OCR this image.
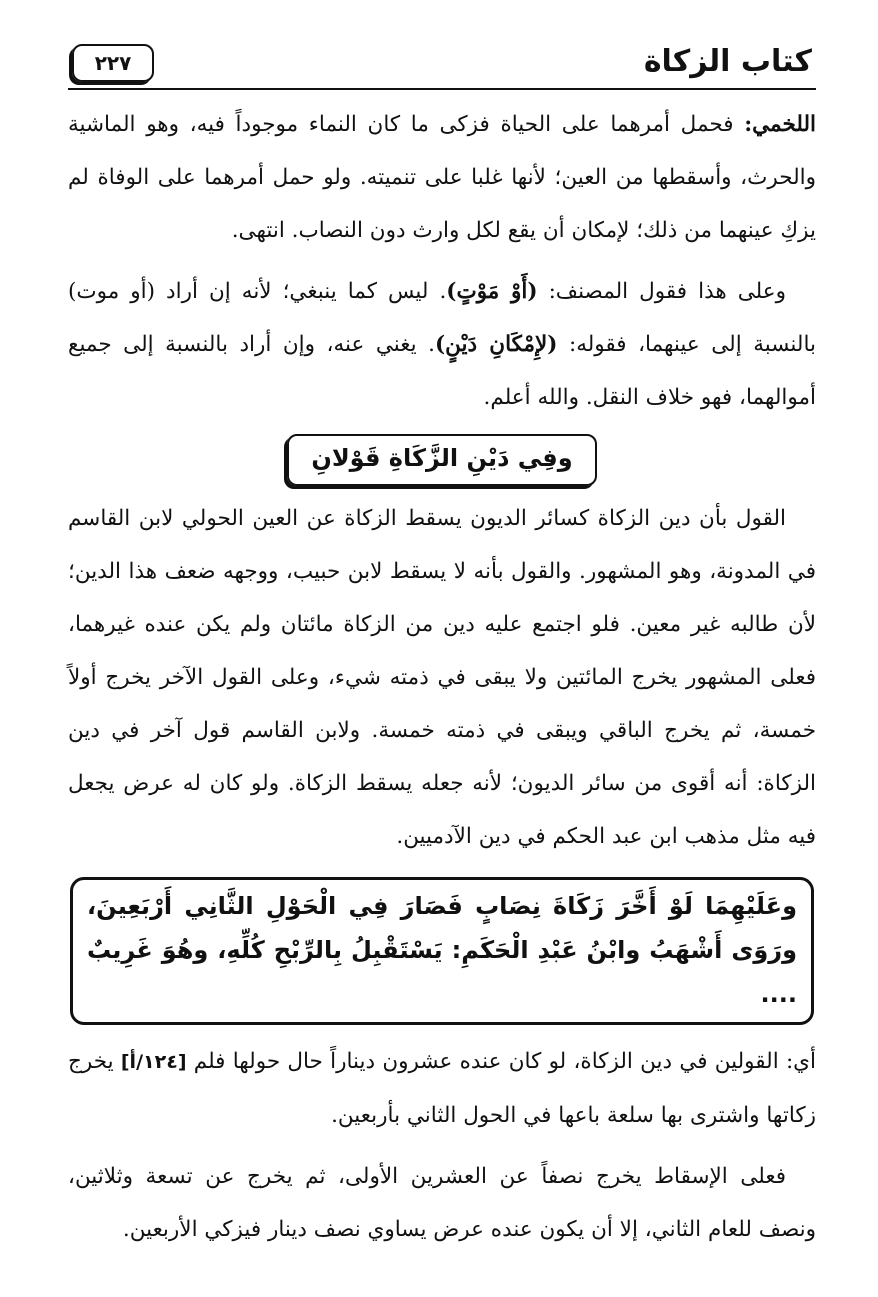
كتاب الزكاة
٢٢٧

اللخمي: فحمل أمرهما على الحياة فزكى ما كان النماء موجوداً فيه، وهو الماشية والحرث، وأسقطها من العين؛ لأنها غلبا على تنميته. ولو حمل أمرهما على الوفاة لم يزكِ عينهما من ذلك؛ لإمكان أن يقع لكل وارث دون النصاب. انتهى.

وعلى هذا فقول المصنف: (أَوْ مَوْتٍ). ليس كما ينبغي؛ لأنه إن أراد (أو موت) بالنسبة إلى عينهما، فقوله: (لإِمْكَانِ دَيْنٍ). يغني عنه، وإن أراد بالنسبة إلى جميع أموالهما، فهو خلاف النقل. والله أعلم.

وفِي دَيْنِ الزَّكَاةِ قَوْلانِ

القول بأن دين الزكاة كسائر الديون يسقط الزكاة عن العين الحولي لابن القاسم في المدونة، وهو المشهور. والقول بأنه لا يسقط لابن حبيب، ووجهه ضعف هذا الدين؛ لأن طالبه غير معين. فلو اجتمع عليه دين من الزكاة مائتان ولم يكن عنده غيرهما، فعلى المشهور يخرج المائتين ولا يبقى في ذمته شيء، وعلى القول الآخر يخرج أولاً خمسة، ثم يخرج الباقي ويبقى في ذمته خمسة. ولابن القاسم قول آخر في دين الزكاة: أنه أقوى من سائر الديون؛ لأنه جعله يسقط الزكاة. ولو كان له عرض يجعل فيه مثل مذهب ابن عبد الحكم في دين الآدميين.

وعَلَيْهِمَا لَوْ أَخَّرَ زَكَاةَ نِصَابٍ فَصَارَ فِي الْحَوْلِ الثَّانِي أَرْبَعِينَ، ورَوَى أَشْهَبُ وابْنُ عَبْدِ الْحَكَمِ: يَسْتَقْبِلُ بِالرِّبْحِ كُلِّهِ، وهُوَ غَرِيبٌ ....

أي: القولين في دين الزكاة، لو كان عنده عشرون ديناراً حال حولها فلم [١٢٤/أ] يخرج زكاتها واشترى بها سلعة باعها في الحول الثاني بأربعين.

فعلى الإسقاط يخرج نصفاً عن العشرين الأولى، ثم يخرج عن تسعة وثلاثين، ونصف للعام الثاني، إلا أن يكون عنده عرض يساوي نصف دينار فيزكي الأربعين.
